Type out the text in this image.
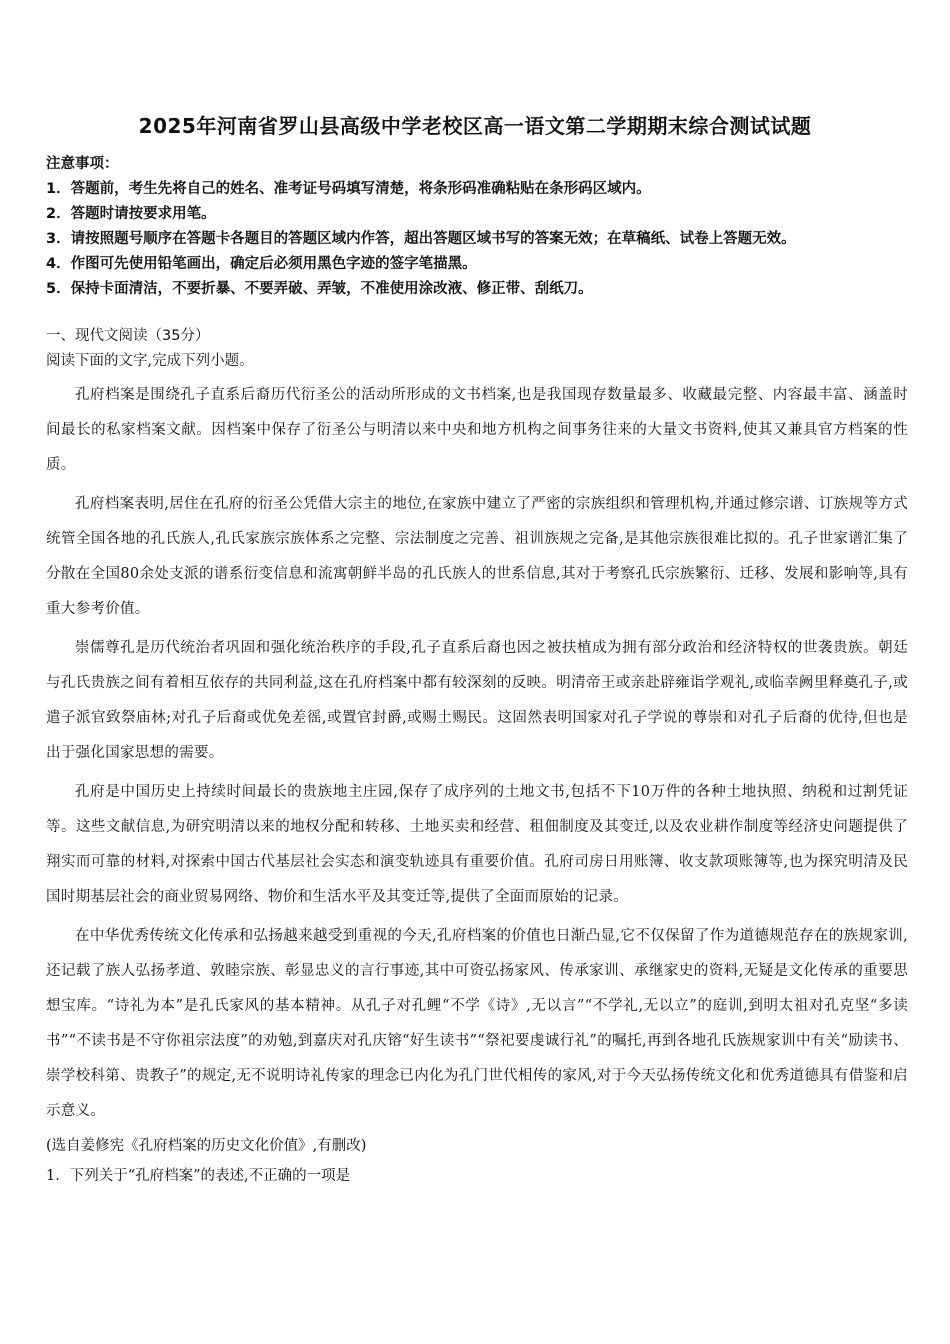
2025年河南省罗山县高级中学老校区高一语文第二学期期末综合测试试题
注意事项：
1．答题前，考生先将自己的姓名、准考证号码填写清楚，将条形码准确粘贴在条形码区域内。
2．答题时请按要求用笔。
3．请按照题号顺序在答题卡各题目的答题区域内作答，超出答题区域书写的答案无效；在草稿纸、试卷上答题无效。
4．作图可先使用铅笔画出，确定后必须用黑色字迹的签字笔描黑。
5．保持卡面清洁，不要折暴、不要弄破、弄皱，不准使用涂改液、修正带、刮纸刀。
一、现代文阅读（35分）

阅读下面的文字,完成下列小题。

孔府档案是围绕孔子直系后裔历代衍圣公的活动所形成的文书档案,也是我国现存数量最多、收藏最完整、内容最丰富、涵盖时间最长的私家档案文献。因档案中保存了衍圣公与明清以来中央和地方机构之间事务往来的大量文书资料,使其又兼具官方档案的性质。

孔府档案表明,居住在孔府的衍圣公凭借大宗主的地位,在家族中建立了严密的宗族组织和管理机构,并通过修宗谱、订族规等方式统管全国各地的孔氏族人,孔氏家族宗族体系之完整、宗法制度之完善、祖训族规之完备,是其他宗族很难比拟的。孔子世家谱汇集了分散在全国80余处支派的谱系衍变信息和流寓朝鲜半岛的孔氏族人的世系信息,其对于考察孔氏宗族繁衍、迁移、发展和影响等,具有重大参考价值。

崇儒尊孔是历代统治者巩固和强化统治秩序的手段,孔子直系后裔也因之被扶植成为拥有部分政治和经济特权的世袭贵族。朝廷与孔氏贵族之间有着相互依存的共同利益,这在孔府档案中都有较深刻的反映。明清帝王或亲赴辟雍诣学观礼,或临幸阙里释奠孔子,或遣子派官致祭庙林;对孔子后裔或优免差徭,或置官封爵,或赐土赐民。这固然表明国家对孔子学说的尊崇和对孔子后裔的优待,但也是出于强化国家思想的需要。

孔府是中国历史上持续时间最长的贵族地主庄园,保存了成序列的土地文书,包括不下10万件的各种土地执照、纳税和过割凭证等。这些文献信息,为研究明清以来的地权分配和转移、土地买卖和经营、租佃制度及其变迁,以及农业耕作制度等经济史问题提供了翔实而可靠的材料,对探索中国古代基层社会实态和演变轨迹具有重要价值。孔府司房日用账簿、收支款项账簿等,也为探究明清及民国时期基层社会的商业贸易网络、物价和生活水平及其变迁等,提供了全面而原始的记录。

在中华优秀传统文化传承和弘扬越来越受到重视的今天,孔府档案的价值也日渐凸显,它不仅保留了作为道德规范存在的族规家训,还记载了族人弘扬孝道、敦睦宗族、彰显忠义的言行事迹,其中可资弘扬家风、传承家训、承继家史的资料,无疑是文化传承的重要思想宝库。“诗礼为本”是孔氏家风的基本精神。从孔子对孔鲤“不学《诗》,无以言”“不学礼,无以立”的庭训,到明太祖对孔克坚“多读书”“不读书是不守你祖宗法度”的劝勉,到嘉庆对孔庆镕“好生读书”“祭祀要虔诚行礼”的嘱托,再到各地孔氏族规家训中有关“励读书、崇学校科第、贵教子”的规定,无不说明诗礼传家的理念已内化为孔门世代相传的家风,对于今天弘扬传统文化和优秀道德具有借鉴和启示意义。

(选自姜修宪《孔府档案的历史文化价值》,有删改)

1．下列关于“孔府档案”的表述,不正确的一项是
